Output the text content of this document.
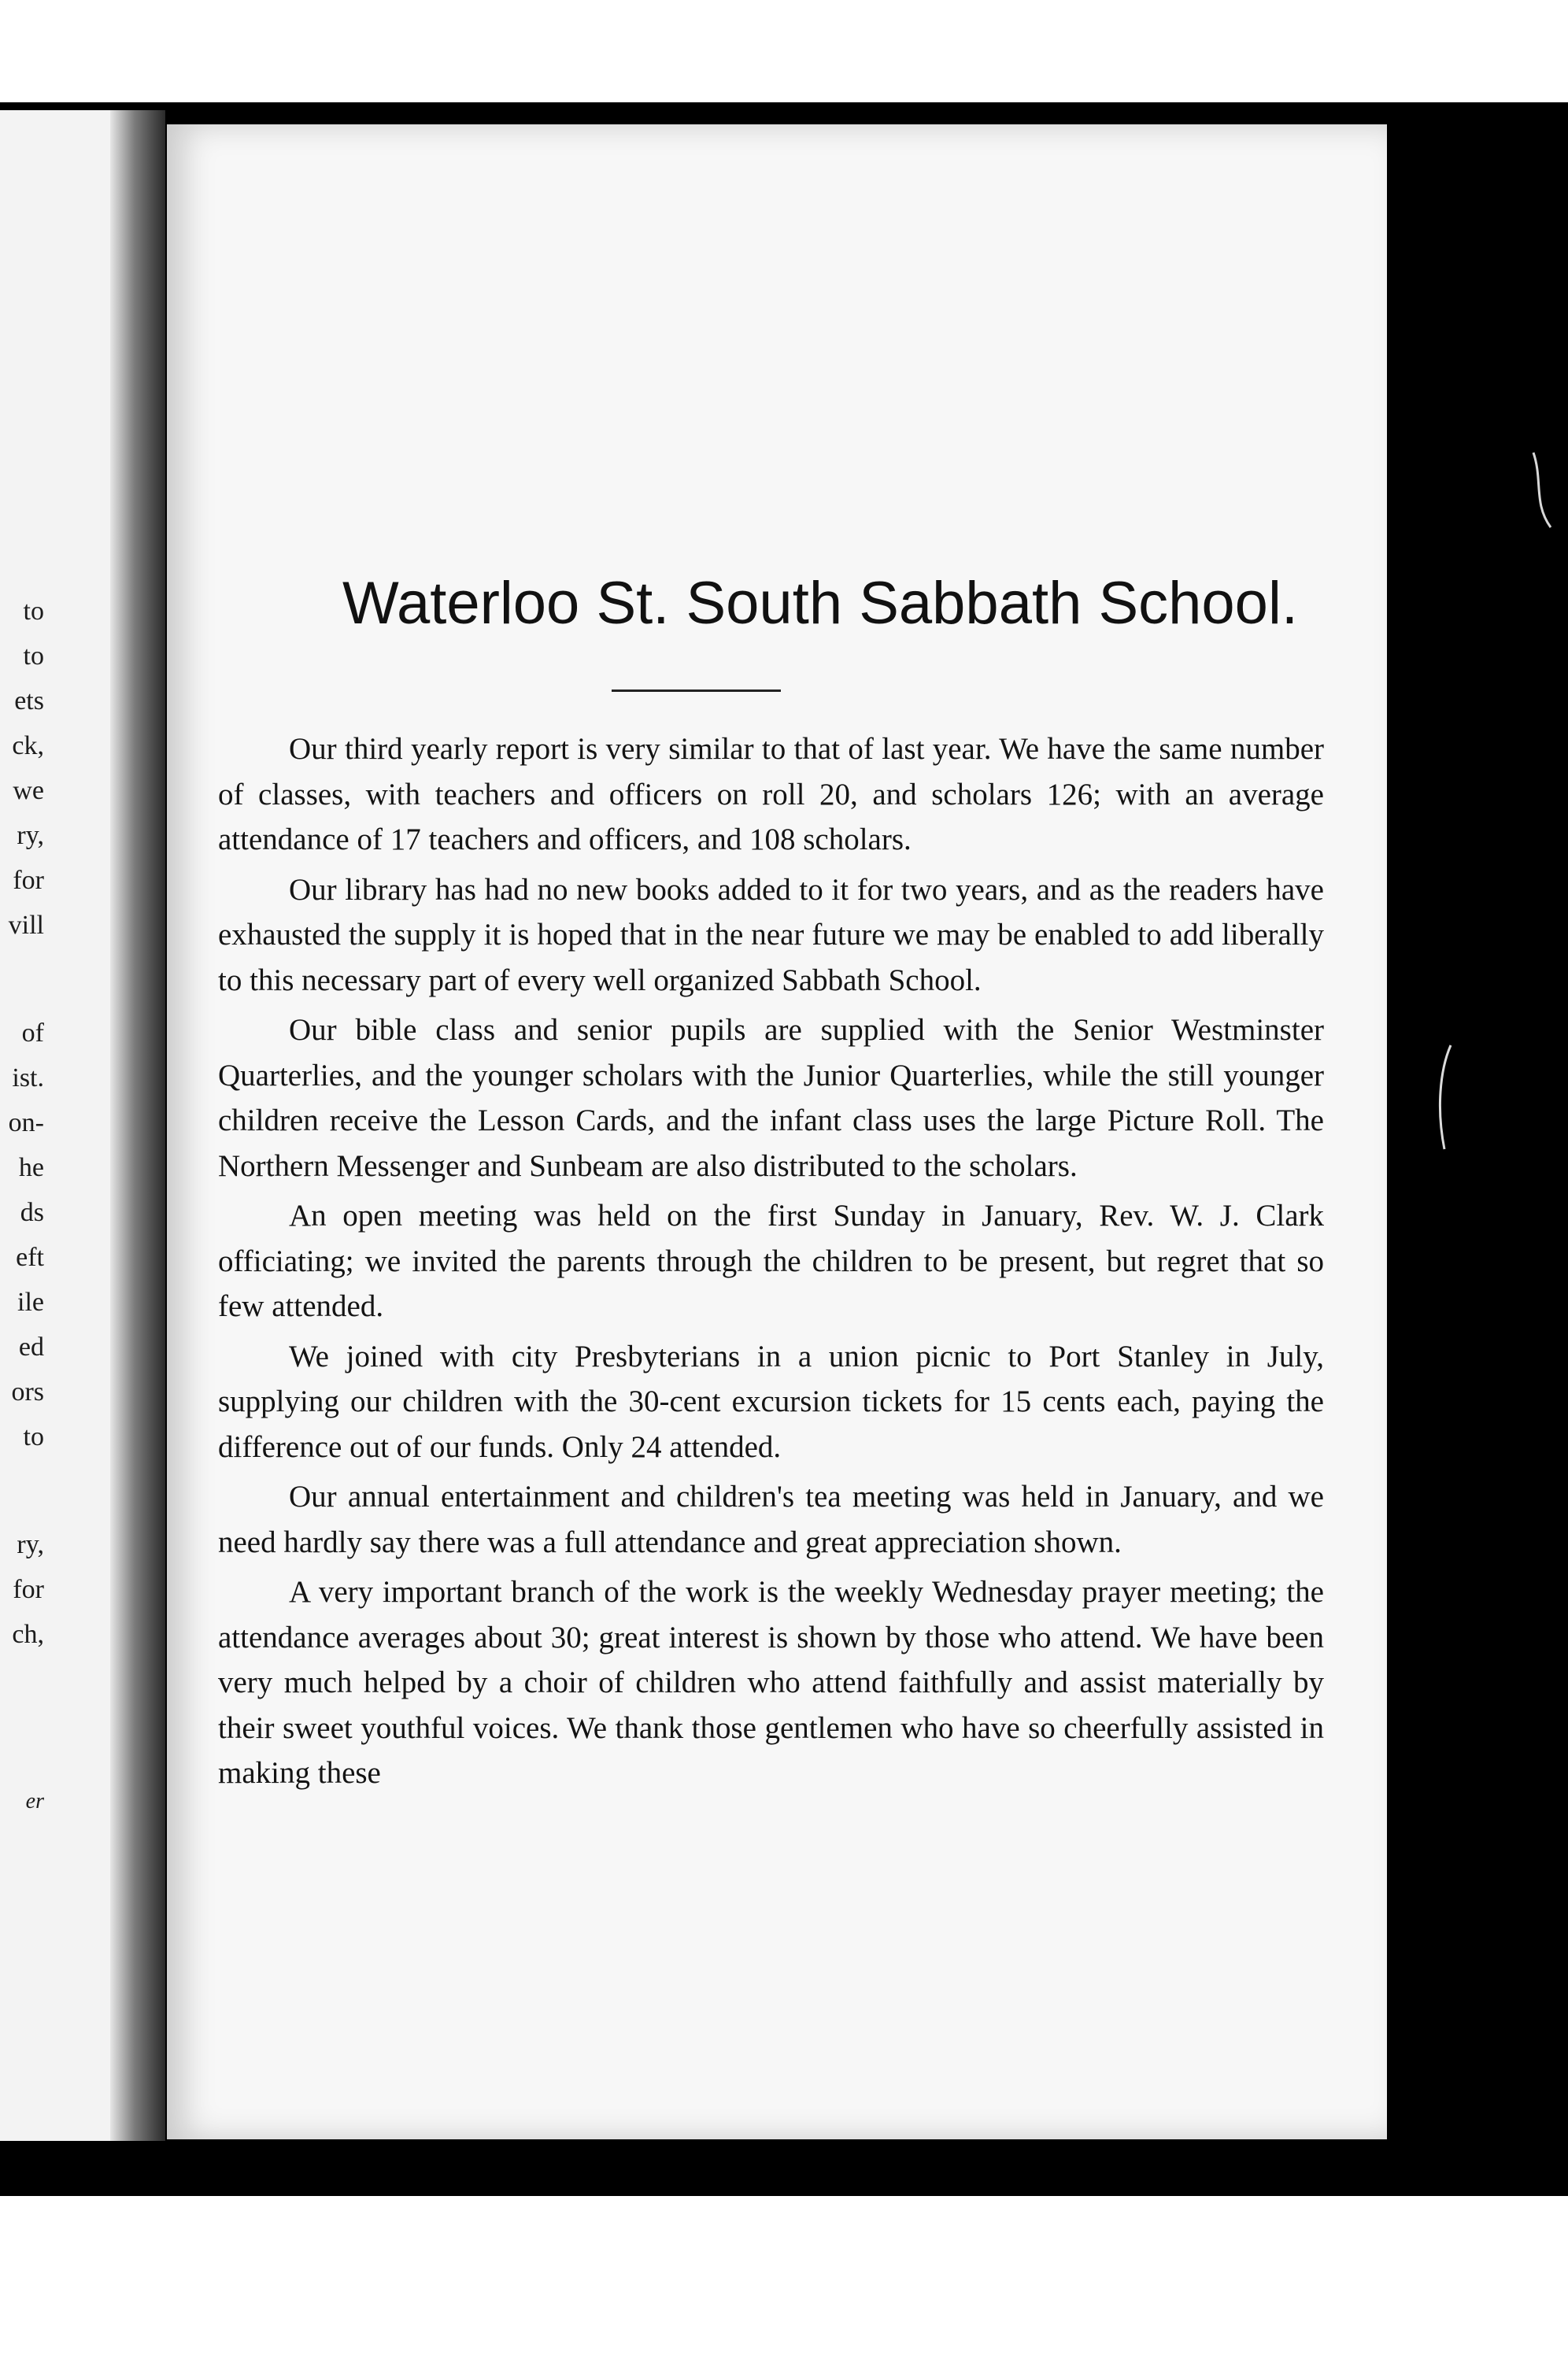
to
to
ets
ck,
we
ry,
for
vill
of
ist.
on-
he
ds
eft
ile
ed
ors
to
ry,
for
ch,
er
Waterloo St. South Sabbath School.

Our third yearly report is very similar to that of last year. We have the same number of classes, with teachers and officers on roll 20, and scholars 126; with an average attendance of 17 teachers and officers, and 108 scholars.

Our library has had no new books added to it for two years, and as the readers have exhausted the supply it is hoped that in the near future we may be enabled to add liberally to this necessary part of every well organized Sabbath School.

Our bible class and senior pupils are supplied with the Senior Westminster Quarterlies, and the younger scholars with the Junior Quarterlies, while the still younger children receive the Lesson Cards, and the infant class uses the large Picture Roll. The Northern Messenger and Sunbeam are also distributed to the scholars.

An open meeting was held on the first Sunday in January, Rev. W. J. Clark officiating; we invited the parents through the children to be present, but regret that so few attended.

We joined with city Presbyterians in a union picnic to Port Stanley in July, supplying our children with the 30-cent excursion tickets for 15 cents each, paying the difference out of our funds. Only 24 attended.

Our annual entertainment and children's tea meeting was held in January, and we need hardly say there was a full attendance and great appreciation shown.

A very important branch of the work is the weekly Wednesday prayer meeting; the attendance averages about 30; great interest is shown by those who attend. We have been very much helped by a choir of children who attend faithfully and assist materially by their sweet youthful voices. We thank those gentlemen who have so cheerfully assisted in making these
